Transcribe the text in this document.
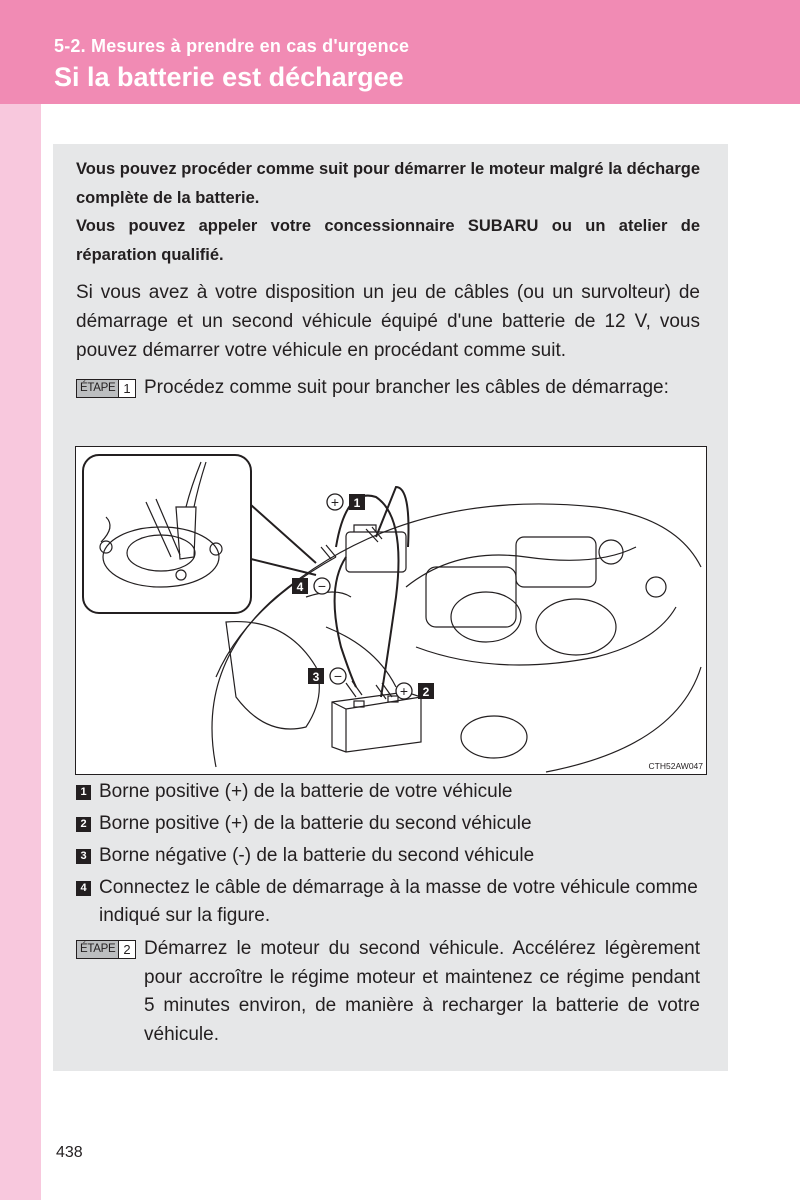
5-2. Mesures à prendre en cas d'urgence
Si la batterie est déchargee

Vous pouvez procéder comme suit pour démarrer le moteur malgré la décharge complète de la batterie.

Vous pouvez appeler votre concessionnaire SUBARU ou un atelier de réparation qualifié.

Si vous avez à votre disposition un jeu de câbles (ou un survolteur) de démarrage et un second véhicule équipé d'une batterie de 12 V, vous pouvez démarrer votre véhicule en procédant comme suit.
ÉTAPE 1 Procédez comme suit pour brancher les câbles de démarrage:
+ 1
4 −
3 −
+ 2
CTH52AW047
1 Borne positive (+) de la batterie de votre véhicule
2 Borne positive (+) de la batterie du second véhicule
3 Borne négative (-) de la batterie du second véhicule
4 Connectez le câble de démarrage à la masse de votre véhicule comme indiqué sur la figure.
ÉTAPE 2 Démarrez le moteur du second véhicule. Accélérez légèrement pour accroître le régime moteur et maintenez ce régime pendant 5 minutes environ, de manière à recharger la batterie de votre véhicule.
438
